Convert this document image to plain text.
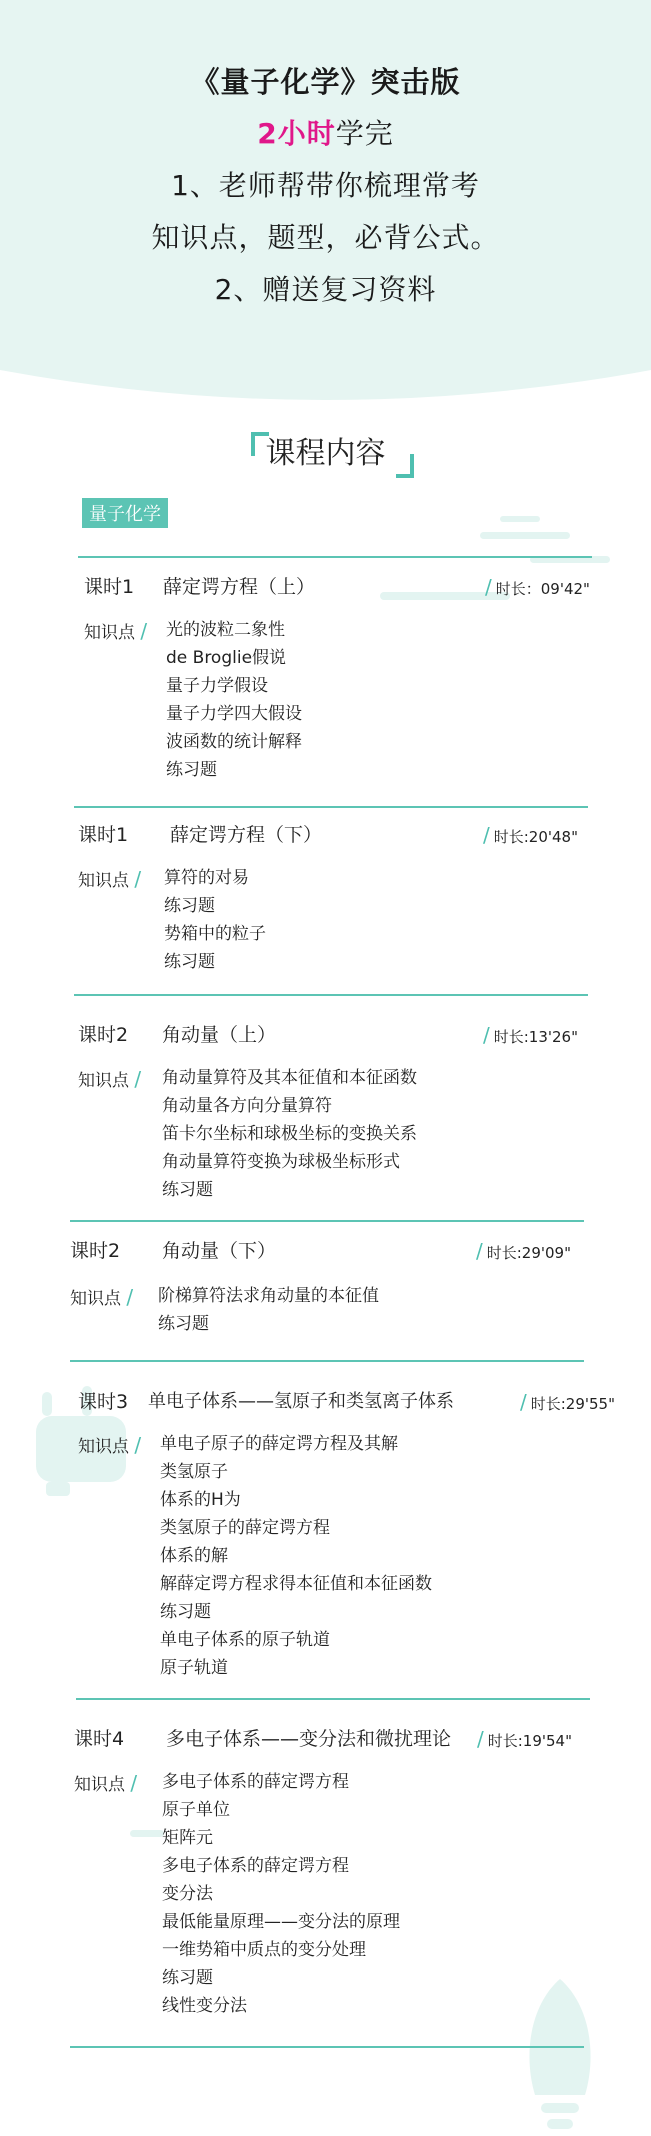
《量子化学》突击版
2小时学完
1、老师帮带你梳理常考
知识点，题型，必背公式。
2、赠送复习资料
课程内容
量子化学
课时1 薛定谔方程（上）	/ 时长：09'42"
知识点 / 光的波粒二象性
de Broglie假说
量子力学假设
量子力学四大假设
波函数的统计解释
练习题
课时1 薛定谔方程（下）	/ 时长:20'48"
知识点 / 算符的对易
练习题
势箱中的粒子
练习题
课时2 角动量（上）	/ 时长:13'26"
知识点 / 角动量算符及其本征值和本征函数
角动量各方向分量算符
笛卡尔坐标和球极坐标的变换关系
角动量算符变换为球极坐标形式
练习题
课时2 角动量（下）	/ 时长:29'09"
知识点 / 阶梯算符法求角动量的本征值
练习题
课时3 单电子体系——氢原子和类氢离子体系	/ 时长:29'55"
知识点 / 单电子原子的薛定谔方程及其解
类氢原子
体系的H为
类氢原子的薛定谔方程
体系的解
解薛定谔方程求得本征值和本征函数
练习题
单电子体系的原子轨道
原子轨道
课时4 多电子体系——变分法和微扰理论 / 时长:19'54"
知识点 / 多电子体系的薛定谔方程
原子单位
矩阵元
多电子体系的薛定谔方程
变分法
最低能量原理——变分法的原理
一维势箱中质点的变分处理
练习题
线性变分法
